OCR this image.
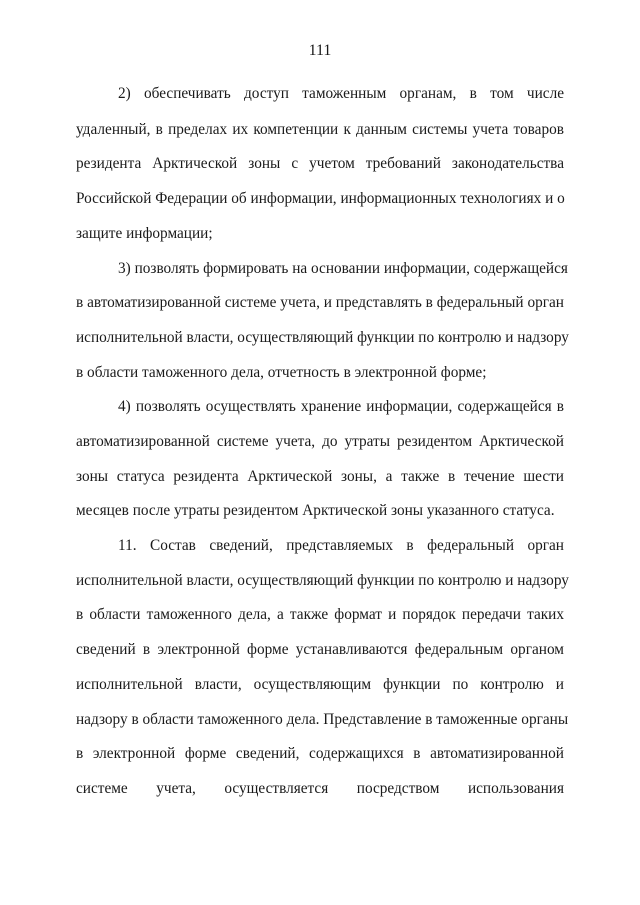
111
2) обеспечивать доступ таможенным органам, в том числе
удаленный, в пределах их компетенции к данным системы учета товаров
резидента Арктической зоны с учетом требований законодательства
Российской Федерации об информации, информационных технологиях и о
защите информации;
3) позволять формировать на основании информации, содержащейся
в автоматизированной системе учета, и представлять в федеральный орган
исполнительной власти, осуществляющий функции по контролю и надзору
в области таможенного дела, отчетность в электронной форме;
4) позволять осуществлять хранение информации, содержащейся в
автоматизированной системе учета, до утраты резидентом Арктической
зоны статуса резидента Арктической зоны, а также в течение шести
месяцев после утраты резидентом Арктической зоны указанного статуса.
11. Состав сведений, представляемых в федеральный орган
исполнительной власти, осуществляющий функции по контролю и надзору
в области таможенного дела, а также формат и порядок передачи таких
сведений в электронной форме устанавливаются федеральным органом
исполнительной власти, осуществляющим функции по контролю и
надзору в области таможенного дела. Представление в таможенные органы
в электронной форме сведений, содержащихся в автоматизированной
системе учета, осуществляется посредством использования
